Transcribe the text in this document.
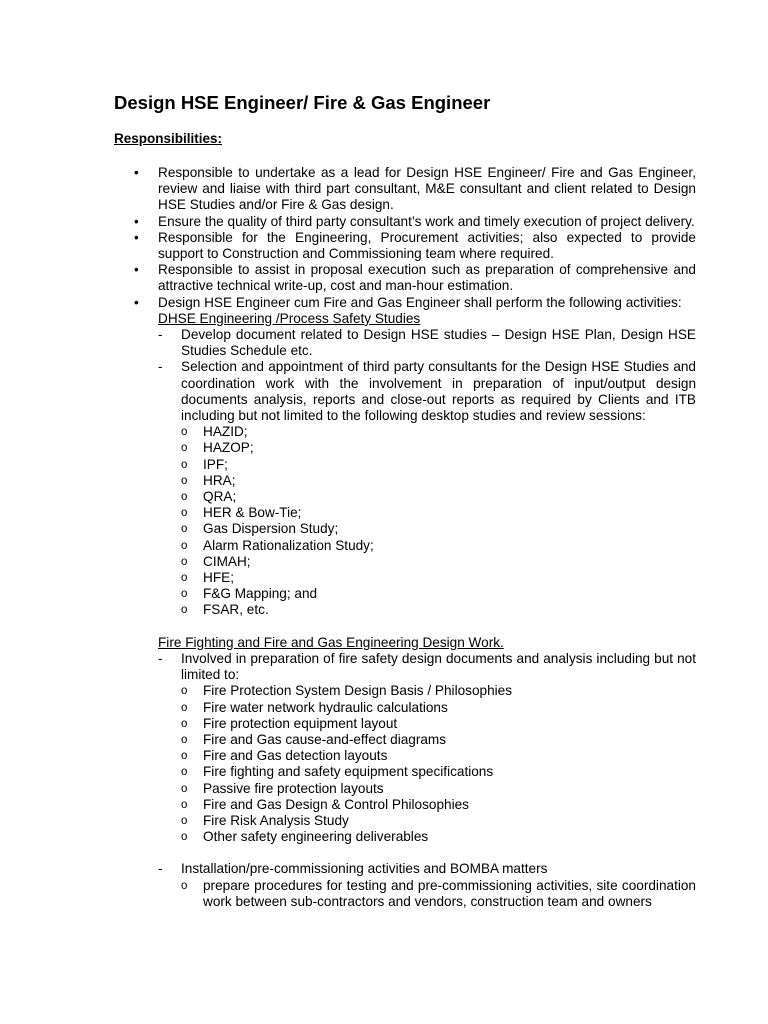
Design HSE Engineer/ Fire & Gas Engineer
Responsibilities:
• Responsible to undertake as a lead for Design HSE Engineer/ Fire and Gas Engineer, review and liaise with third part consultant, M&E consultant and client related to Design HSE Studies and/or Fire & Gas design.
• Ensure the quality of third party consultant’s work and timely execution of project delivery.
• Responsible for the Engineering, Procurement activities; also expected to provide support to Construction and Commissioning team where required.
• Responsible to assist in proposal execution such as preparation of comprehensive and attractive technical write-up, cost and man-hour estimation.
• Design HSE Engineer cum Fire and Gas Engineer shall perform the following activities:
DHSE Engineering /Process Safety Studies
- Develop document related to Design HSE studies – Design HSE Plan, Design HSE Studies Schedule etc.
- Selection and appointment of third party consultants for the Design HSE Studies and coordination work with the involvement in preparation of input/output design documents analysis, reports and close-out reports as required by Clients and ITB including but not limited to the following desktop studies and review sessions:
o HAZID;
o HAZOP;
o IPF;
o HRA;
o QRA;
o HER & Bow-Tie;
o Gas Dispersion Study;
o Alarm Rationalization Study;
o CIMAH;
o HFE;
o F&G Mapping; and
o FSAR, etc.
Fire Fighting and Fire and Gas Engineering Design Work.
- Involved in preparation of fire safety design documents and analysis including but not limited to:
o Fire Protection System Design Basis / Philosophies
o Fire water network hydraulic calculations
o Fire protection equipment layout
o Fire and Gas cause-and-effect diagrams
o Fire and Gas detection layouts
o Fire fighting and safety equipment specifications
o Passive fire protection layouts
o Fire and Gas Design & Control Philosophies
o Fire Risk Analysis Study
o Other safety engineering deliverables
- Installation/pre-commissioning activities and BOMBA matters
o prepare procedures for testing and pre-commissioning activities, site coordination work between sub-contractors and vendors, construction team and owners
